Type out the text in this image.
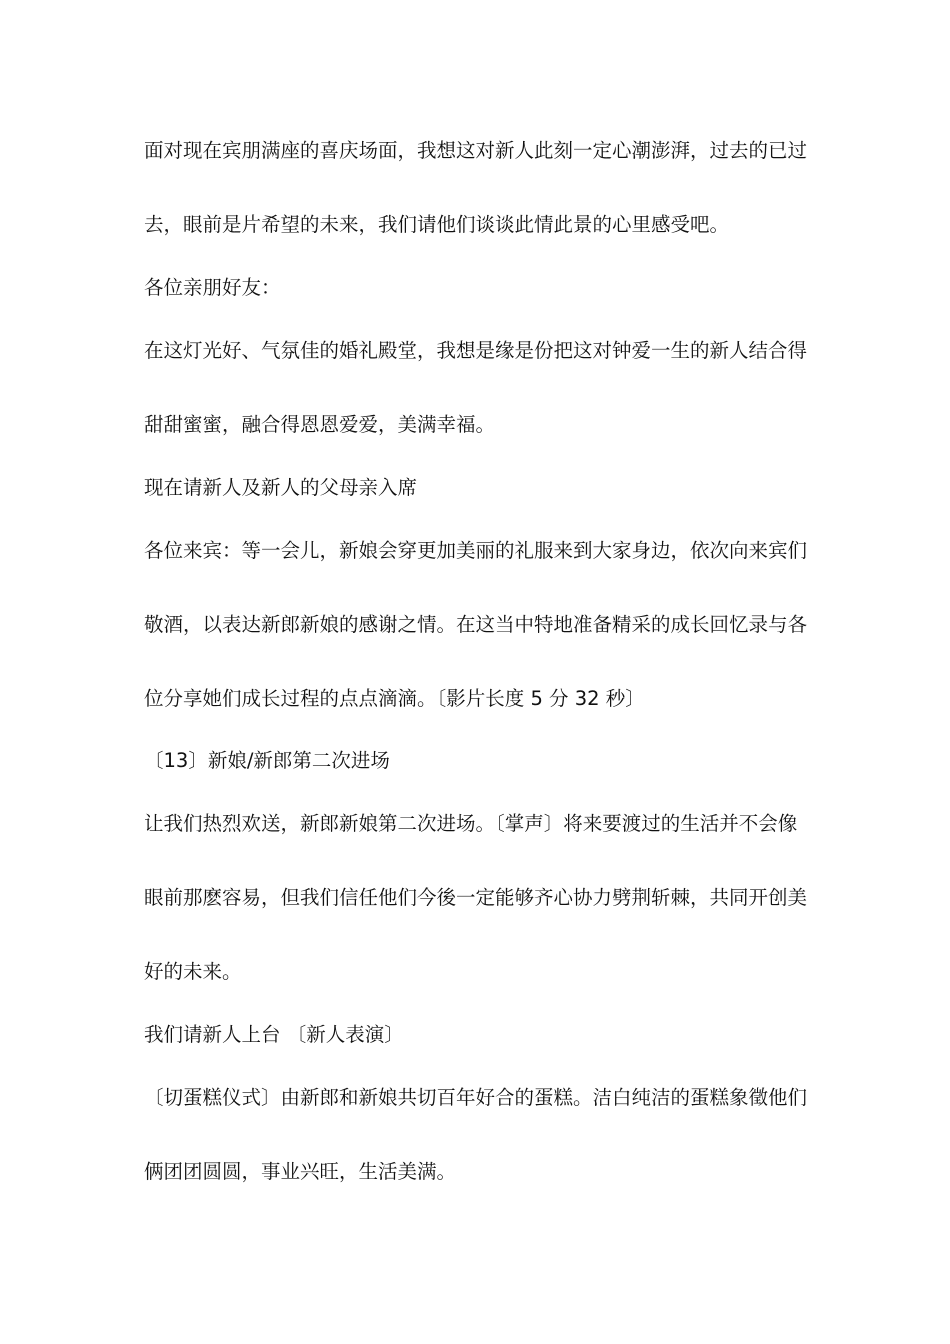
面对现在宾朋满座的喜庆场面，我想这对新人此刻一定心潮澎湃，过去的已过
去，眼前是片希望的未来，我们请他们谈谈此情此景的心里感受吧。
各位亲朋好友：
在这灯光好、气氛佳的婚礼殿堂，我想是缘是份把这对钟爱一生的新人结合得
甜甜蜜蜜，融合得恩恩爱爱，美满幸福。
现在请新人及新人的父母亲入席
各位来宾：等一会儿，新娘会穿更加美丽的礼服来到大家身边，依次向来宾们
敬酒，以表达新郎新娘的感谢之情。在这当中特地准备精采的成长回忆录与各
位分享她们成长过程的点点滴滴。〔影片长度 5 分 32 秒〕
〔13〕新娘/新郎第二次进场
让我们热烈欢送，新郎新娘第二次进场。〔掌声〕将来要渡过的生活并不会像
眼前那麽容易，但我们信任他们今後一定能够齐心协力劈荆斩棘，共同开创美
好的未来。
我们请新人上台 〔新人表演〕
〔切蛋糕仪式〕由新郎和新娘共切百年好合的蛋糕。洁白纯洁的蛋糕象徵他们
俩团团圆圆，事业兴旺，生活美满。
